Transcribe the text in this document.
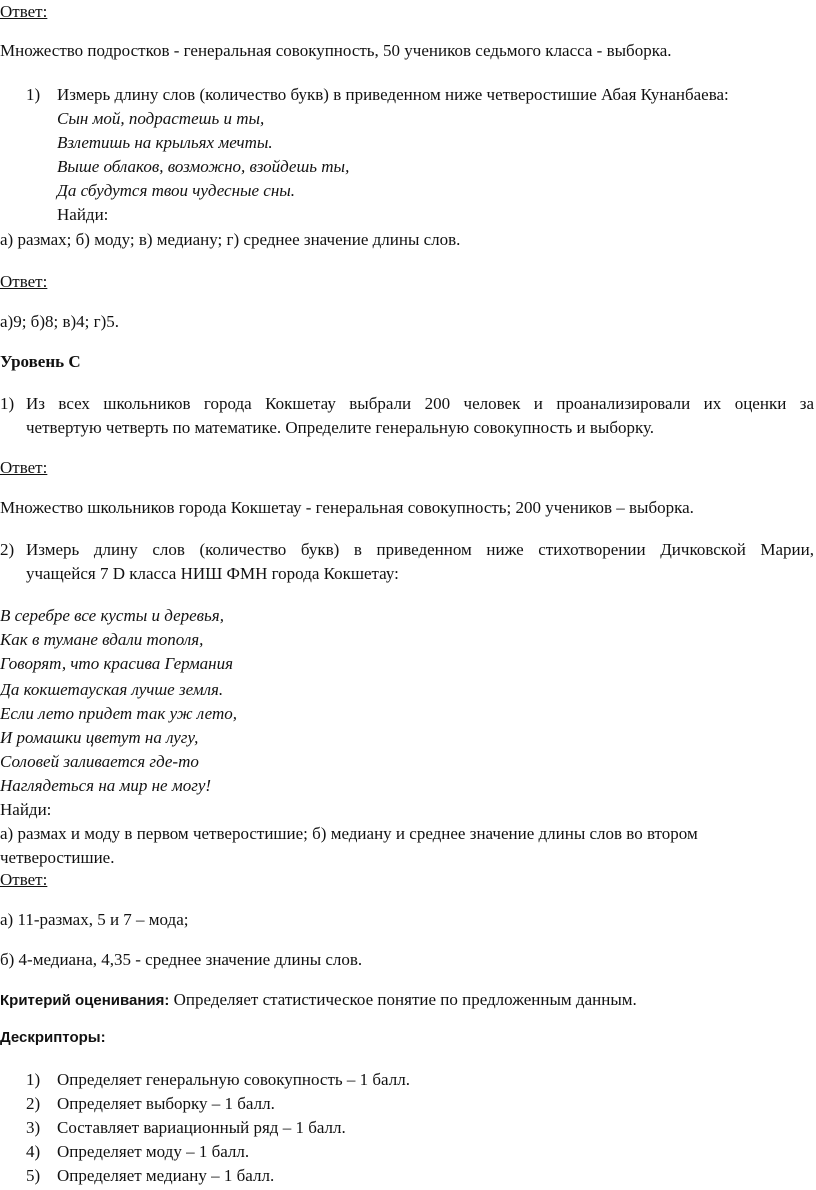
Ответ:
Множество подростков - генеральная совокупность, 50 учеников седьмого класса - выборка.
1) Измерь длину слов (количество букв) в приведенном ниже четверостишие Абая Кунанбаева:
Сын мой, подрастешь и ты,
Взлетишь на крыльях мечты.
Выше облаков, возможно, взойдешь ты,
Да сбудутся твои чудесные сны.
Найди:
а) размах; б) моду; в) медиану; г) среднее значение длины слов.
Ответ:
а)9; б)8; в)4; г)5.
Уровень С
1) Из всех школьников города Кокшетау выбрали 200 человек и проанализировали их оценки за
четвертую четверть по математике. Определите генеральную совокупность и выборку.
Ответ:
Множество школьников города Кокшетау - генеральная совокупность; 200 учеников – выборка.
2) Измерь длину слов (количество букв) в приведенном ниже стихотворении Дичковской Марии,
учащейся 7 D класса НИШ ФМН города Кокшетау:
В серебре все кусты и деревья,
Как в тумане вдали тополя,
Говорят, что красива Германия
Да кокшетауская лучше земля.
Если лето придет так уж лето,
И ромашки цветут на лугу,
Соловей заливается где-то
Наглядеться на мир не могу!
Найди:
а) размах и моду в первом четверостишие; б) медиану и среднее значение длины слов во втором
четверостишие.
Ответ:
а) 11-размах, 5 и 7 – мода;
б) 4-медиана, 4,35 - среднее значение длины слов.
Критерий оценивания: Определяет статистическое понятие по предложенным данным.
Дескрипторы:
1) Определяет генеральную совокупность – 1 балл.
2) Определяет выборку – 1 балл.
3) Составляет вариационный ряд – 1 балл.
4) Определяет моду – 1 балл.
5) Определяет медиану – 1 балл.
